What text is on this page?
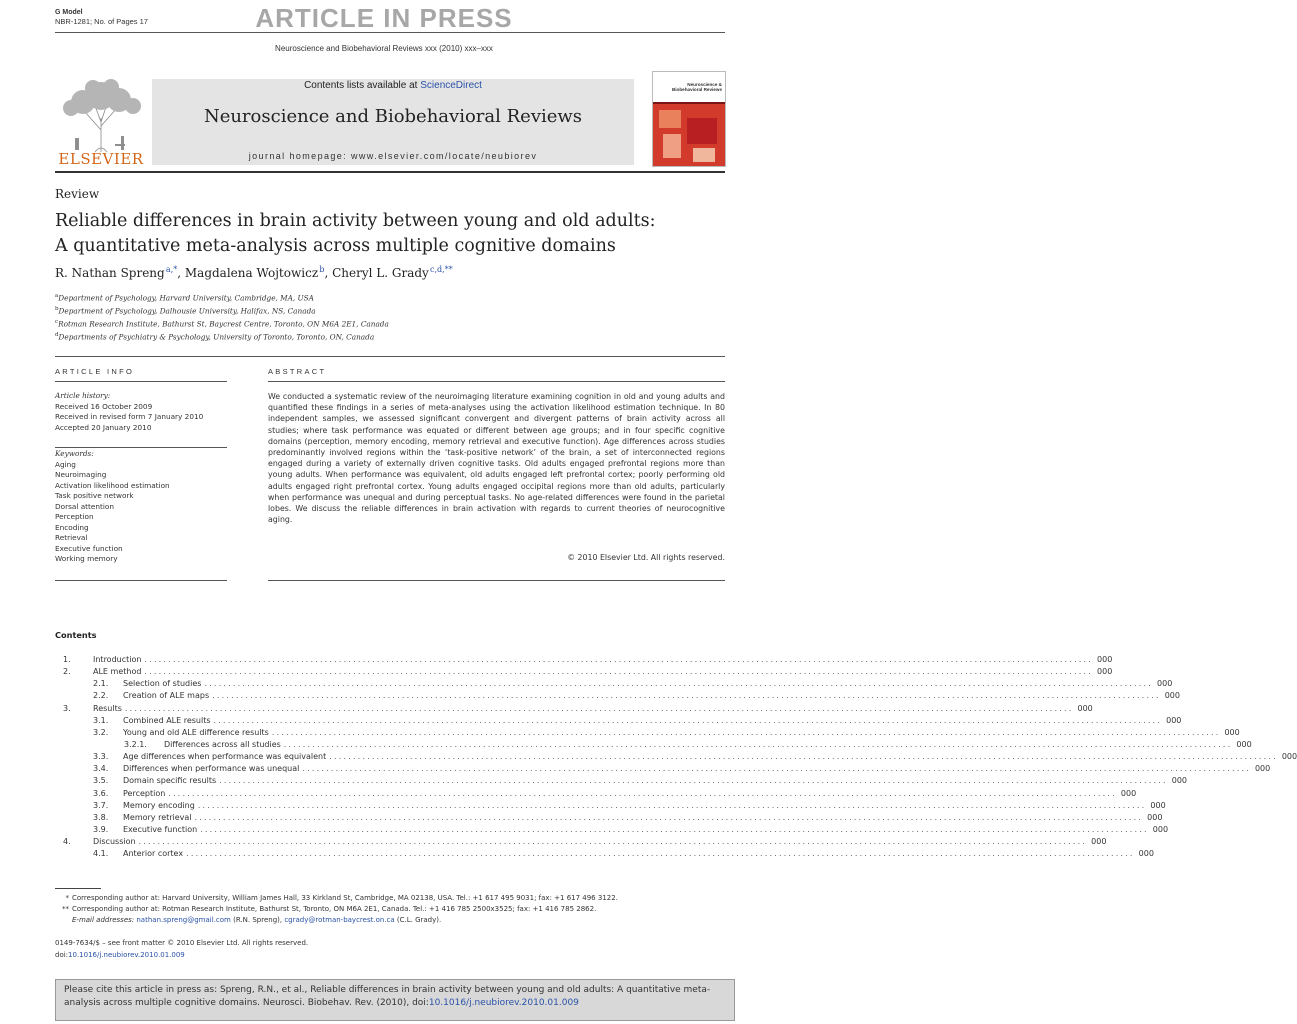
G Model
NBR-1281; No. of Pages 17	ARTICLE IN PRESS
Neuroscience and Biobehavioral Reviews xxx (2010) xxx–xxx
ELSEVIER
Contents lists available at ScienceDirect
Neuroscience and Biobehavioral Reviews
journal homepage: www.elsevier.com/locate/neubiorev
Neuroscience & Biobehavioral Reviews
Review
Reliable differences in brain activity between young and old adults:
A quantitative meta-analysis across multiple cognitive domains
R. Nathan Spreng $^{a,*}$, Magdalena Wojtowicz $^b$, Cheryl L. Grady $^{c,d,**}$
$^a$Department of Psychology, Harvard University, Cambridge, MA, USA
$^b$Department of Psychology, Dalhousie University, Halifax, NS, Canada
$^c$Rotman Research Institute, Bathurst St, Baycrest Centre, Toronto, ON M6A 2E1, Canada
$^d$Departments of Psychiatry & Psychology, University of Toronto, Toronto, ON, Canada
ARTICLE INFO	ABSTRACT
Article history:
Received 16 October 2009
Received in revised form 7 January 2010
Accepted 20 January 2010
Keywords:
Aging
Neuroimaging
Activation likelihood estimation
Task positive network
Dorsal attention
Perception
Encoding
Retrieval
Executive function
Working memory
We conducted a systematic review of the neuroimaging literature examining cognition in old and young adults and quantified these findings in a series of meta-analyses using the activation likelihood estimation technique. In 80 independent samples, we assessed significant convergent and divergent patterns of brain activity across all studies; where task performance was equated or different between age groups; and in four specific cognitive domains (perception, memory encoding, memory retrieval and executive function). Age differences across studies predominantly involved regions within the ‘task-positive network’ of the brain, a set of interconnected regions engaged during a variety of externally driven cognitive tasks. Old adults engaged prefrontal regions more than young adults. When performance was equivalent, old adults engaged left prefrontal cortex; poorly performing old adults engaged right prefrontal cortex. Young adults engaged occipital regions more than old adults, particularly when performance was unequal and during perceptual tasks. No age-related differences were found in the parietal lobes. We discuss the reliable differences in brain activation with regards to current theories of neurocognitive aging.
© 2010 Elsevier Ltd. All rights reserved.
Contents
1.	Introduction ........................................................................................................................................................................................................ 000
2.	ALE method ........................................................................................................................................................................................................ 000
2.1.	Selection of studies ........................................................................................................................................................................................................ 000
2.2.	Creation of ALE maps ........................................................................................................................................................................................................ 000
3.	Results ........................................................................................................................................................................................................ 000
3.1.	Combined ALE results ........................................................................................................................................................................................................ 000
3.2.	Young and old ALE difference results ........................................................................................................................................................................................................ 000
3.2.1.	Differences across all studies ........................................................................................................................................................................................................ 000
3.3.	Age differences when performance was equivalent ........................................................................................................................................................................................................ 000
3.4.	Differences when performance was unequal ........................................................................................................................................................................................................ 000
3.5.	Domain specific results ........................................................................................................................................................................................................ 000
3.6.	Perception ........................................................................................................................................................................................................ 000
3.7.	Memory encoding ........................................................................................................................................................................................................ 000
3.8.	Memory retrieval ........................................................................................................................................................................................................ 000
3.9.	Executive function ........................................................................................................................................................................................................ 000
4.	Discussion ........................................................................................................................................................................................................ 000
4.1.	Anterior cortex ........................................................................................................................................................................................................ 000
* Corresponding author at: Harvard University, William James Hall, 33 Kirkland St, Cambridge, MA 02138, USA. Tel.: +1 617 495 9031; fax: +1 617 496 3122.
** Corresponding author at: Rotman Research Institute, Bathurst St, Toronto, ON M6A 2E1, Canada. Tel.: +1 416 785 2500x3525; fax: +1 416 785 2862.
E-mail addresses: nathan.spreng@gmail.com (R.N. Spreng), cgrady@rotman-baycrest.on.ca (C.L. Grady).
0149-7634/$ – see front matter © 2010 Elsevier Ltd. All rights reserved.
doi:10.1016/j.neubiorev.2010.01.009
Please cite this article in press as: Spreng, R.N., et al., Reliable differences in brain activity between young and old adults: A quantitative meta-analysis across multiple cognitive domains. Neurosci. Biobehav. Rev. (2010), doi:10.1016/j.neubiorev.2010.01.009
